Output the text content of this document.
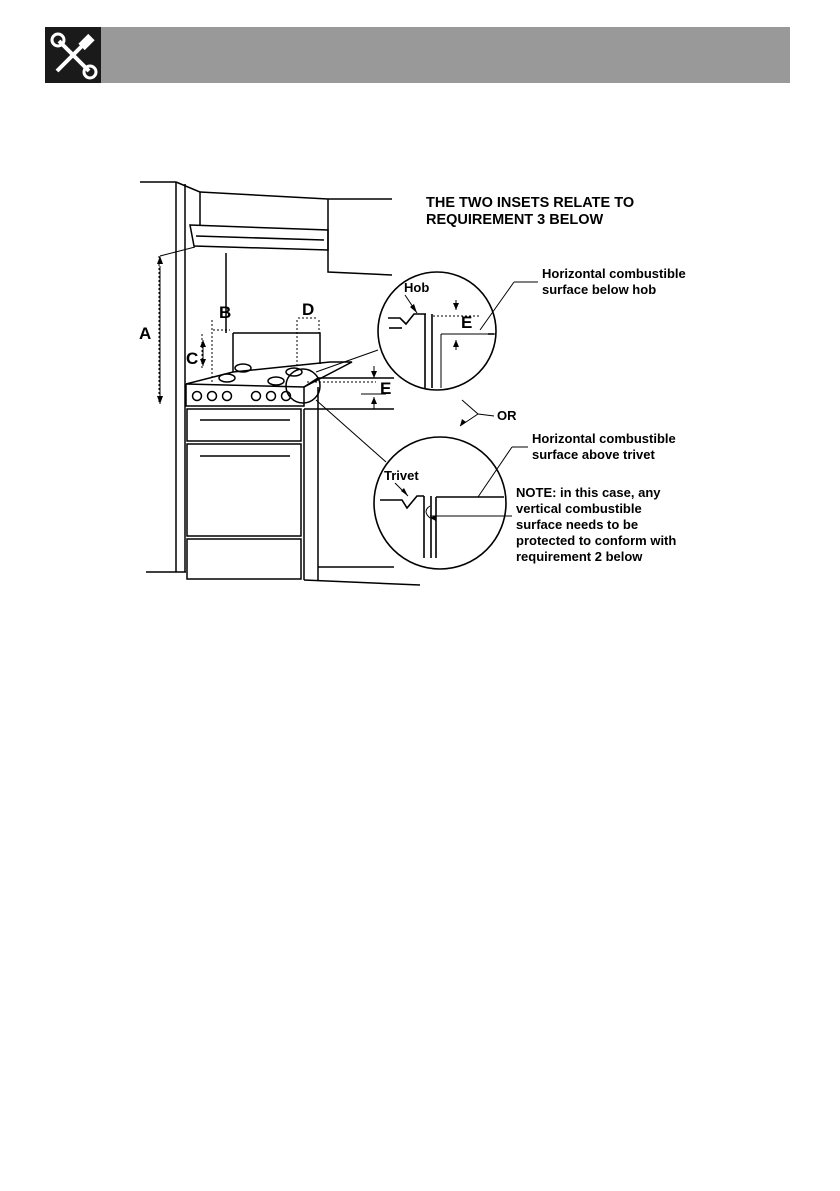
THE TWO INSETS RELATE TO
REQUIREMENT 3 BELOW
A
B
C
D
E
E
Hob
Horizontal combustible
surface below hob
OR
Trivet
Horizontal combustible
surface above trivet
NOTE: in this case, any
vertical combustible
surface needs to be
protected to conform with
requirement 2 below
